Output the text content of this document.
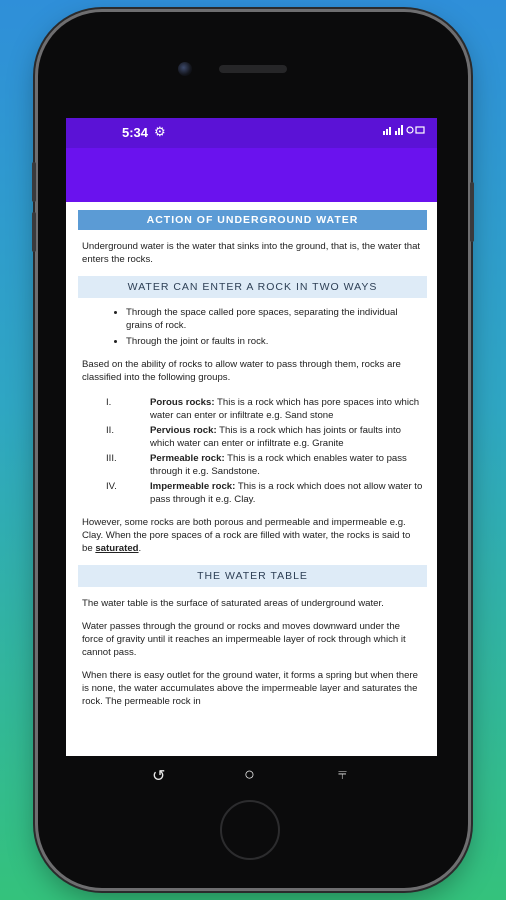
5:34 ⚙
ACTION OF UNDERGROUND WATER

Underground water is the water that sinks into the ground, that is, the water that enters the rocks.

WATER CAN ENTER A ROCK IN TWO WAYS
• Through the space called pore spaces, separating the individual grains of rock.
• Through the joint or faults in rock.

Based on the ability of rocks to allow water to pass through them, rocks are classified into the following groups.

I.	Porous rocks: This is a rock which has pore spaces into which water can enter or infiltrate e.g. Sand stone
II.	Pervious rock: This is a rock which has joints or faults into which water can enter or infiltrate e.g. Granite
III.	Permeable rock: This is a rock which enables water to pass through it e.g. Sandstone.
IV.	Impermeable rock: This is a rock which does not allow water to pass through it e.g. Clay.

However, some rocks are both porous and permeable and impermeable e.g. Clay. When the pore spaces of a rock are filled with water, the rocks is said to be saturated.

THE WATER TABLE

The water table is the surface of saturated areas of underground water.

Water passes through the ground or rocks and moves downward under the force of gravity until it reaches an impermeable layer of rock through which it cannot pass.

When there is easy outlet for the ground water, it forms a spring but when there is none, the water accumulates above the impermeable layer and saturates the rock. The permeable rock in

↺	○	⫧
